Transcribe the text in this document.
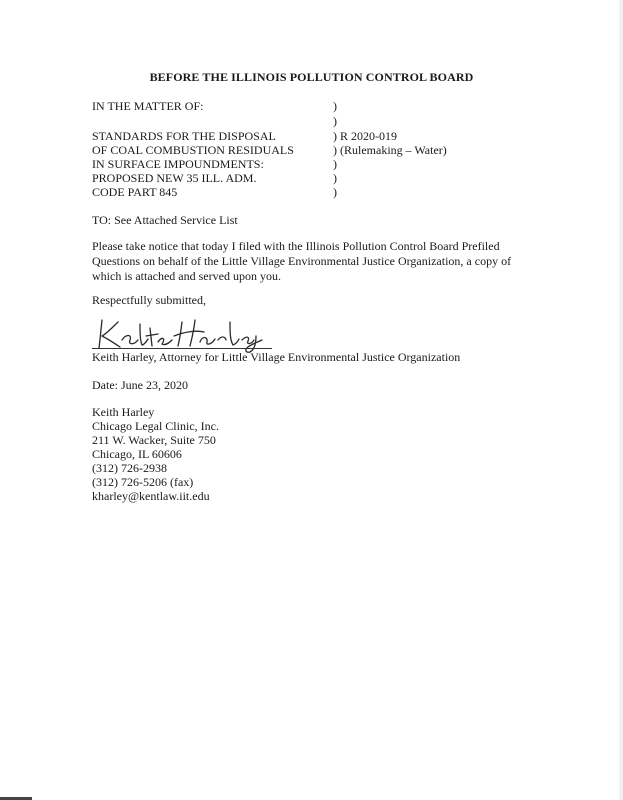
BEFORE THE ILLINOIS POLLUTION CONTROL BOARD
IN THE MATTER OF:
STANDARDS FOR THE DISPOSAL
OF COAL COMBUSTION RESIDUALS
IN SURFACE IMPOUNDMENTS:
PROPOSED NEW 35 ILL. ADM.
CODE PART 845
)
)
) R 2020-019
) (Rulemaking – Water)
)
)
)
TO: See Attached Service List
Please take notice that today I filed with the Illinois Pollution Control Board Prefiled Questions on behalf of the Little Village Environmental Justice Organization, a copy of which is attached and served upon you.
Respectfully submitted,
Keith Harley, Attorney for Little Village Environmental Justice Organization
Date: June 23, 2020
Keith Harley
Chicago Legal Clinic, Inc.
211 W. Wacker, Suite 750
Chicago, IL 60606
(312) 726-2938
(312) 726-5206 (fax)
kharley@kentlaw.iit.edu
